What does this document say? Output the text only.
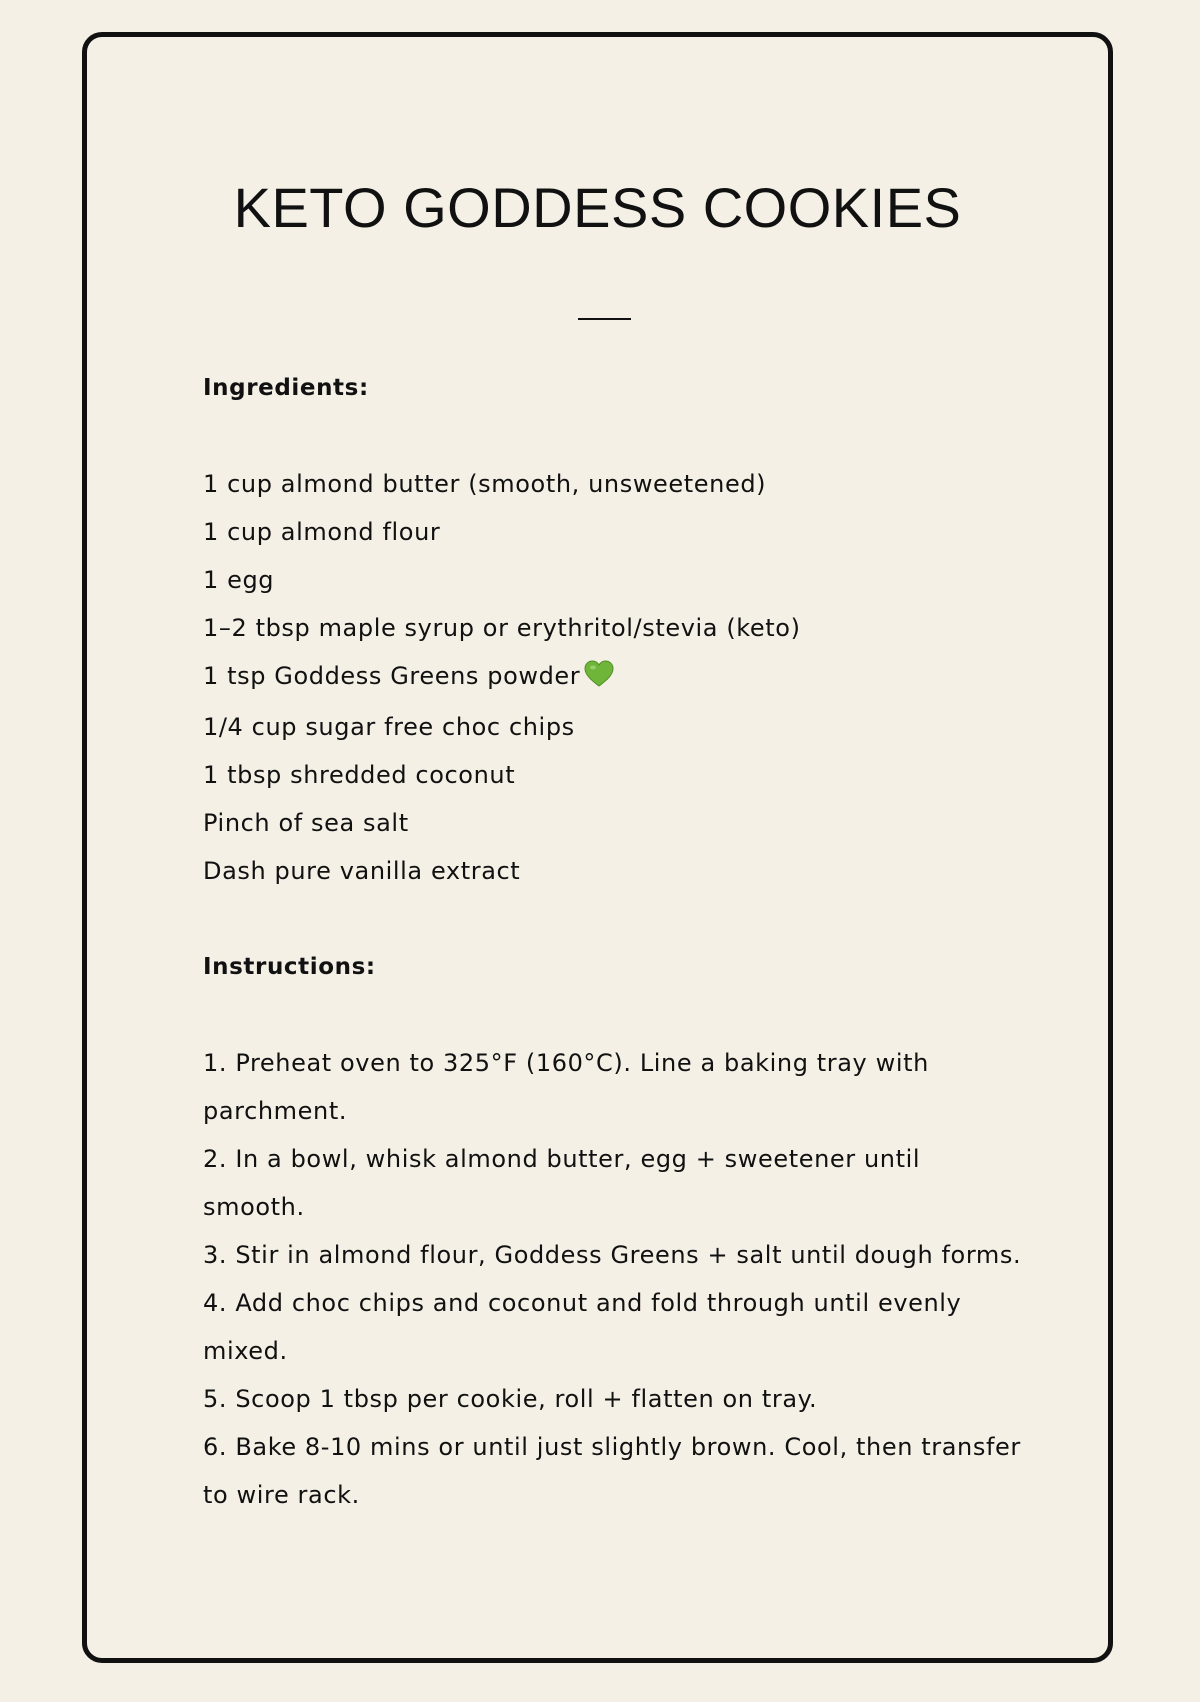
KETO GODDESS COOKIES

Ingredients:

1 cup almond butter (smooth, unsweetened)
1 cup almond flour
1 egg
1–2 tbsp maple syrup or erythritol/stevia (keto)
1 tsp Goddess Greens powder
1/4 cup sugar free choc chips
1 tbsp shredded coconut
Pinch of sea salt
Dash pure vanilla extract

Instructions:

1. Preheat oven to 325°F (160°C). Line a baking tray with parchment.
2. In a bowl, whisk almond butter, egg + sweetener until smooth.
3. Stir in almond flour, Goddess Greens + salt until dough forms.
4. Add choc chips and coconut and fold through until evenly mixed.
5. Scoop 1 tbsp per cookie, roll + flatten on tray.
6. Bake 8-10 mins or until just slightly brown. Cool, then transfer to wire rack.
